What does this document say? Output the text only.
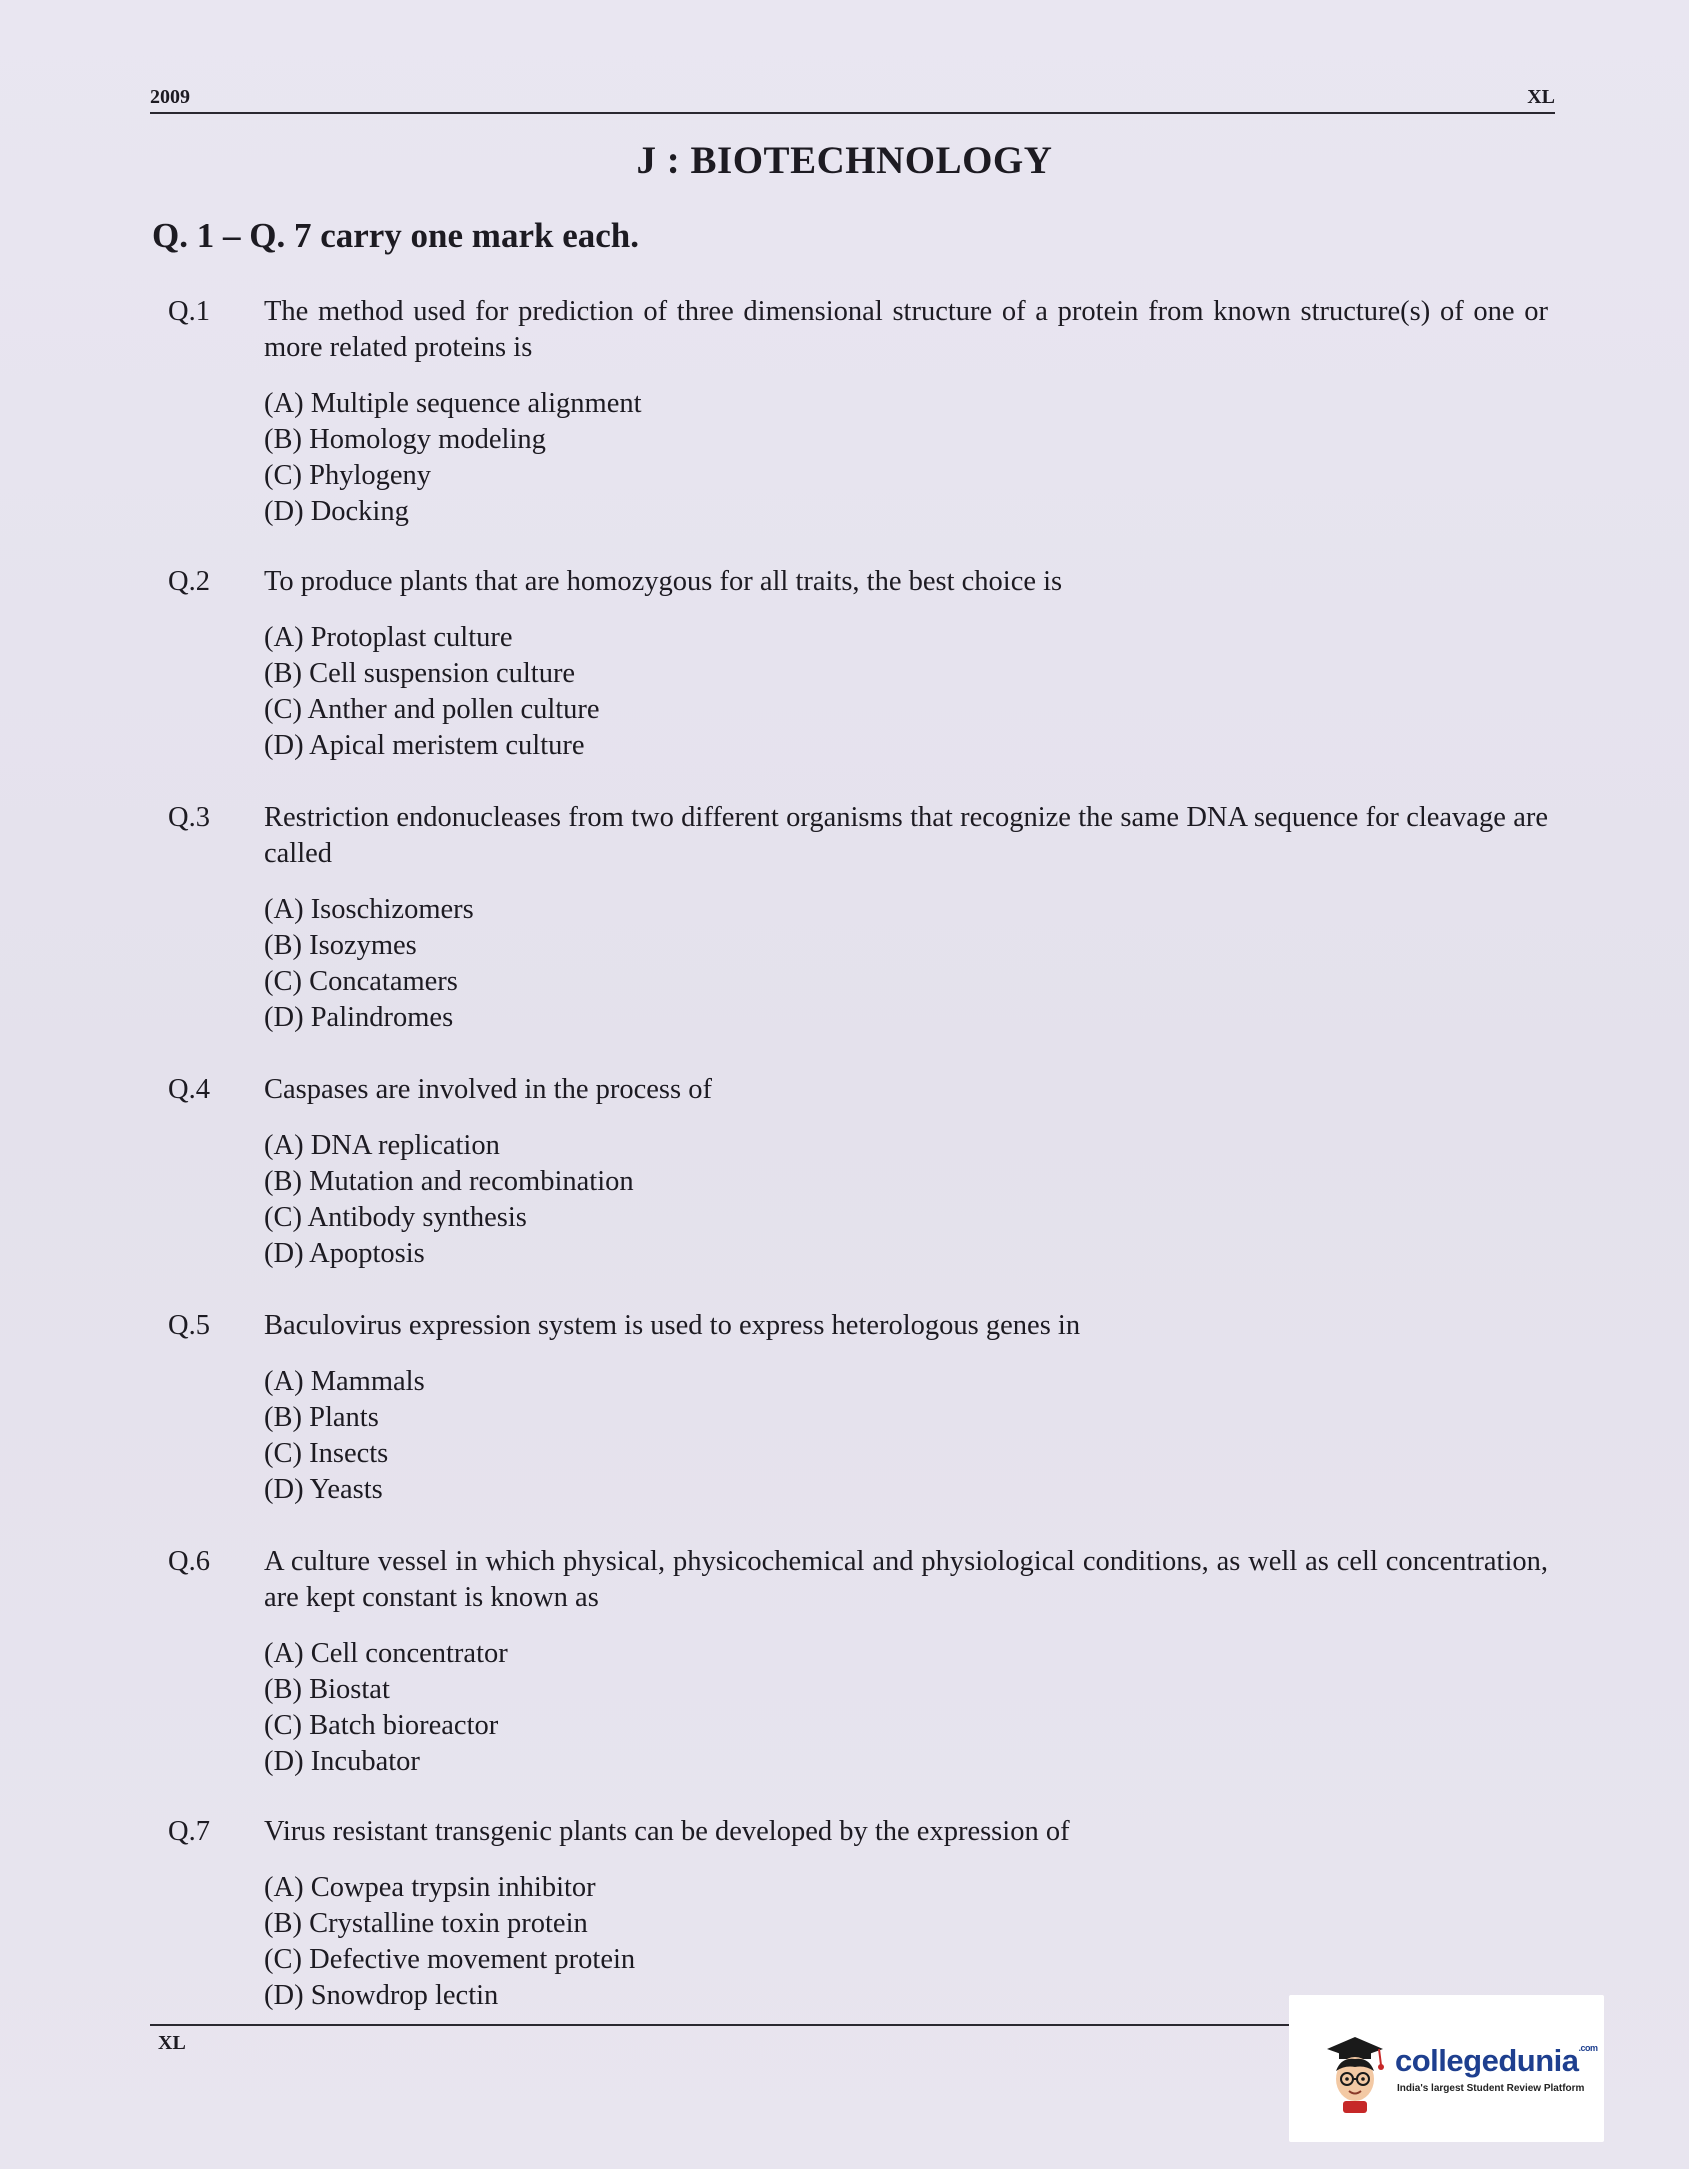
2009	XL
J : BIOTECHNOLOGY
Q. 1 – Q. 7 carry one mark each.
Q.1	The method used for prediction of three dimensional structure of a protein from known structure(s) of one or more related proteins is
(A) Multiple sequence alignment
(B) Homology modeling
(C) Phylogeny
(D) Docking
Q.2	To produce plants that are homozygous for all traits, the best choice is
(A) Protoplast culture
(B) Cell suspension culture
(C) Anther and pollen culture
(D) Apical meristem culture
Q.3	Restriction endonucleases from two different organisms that recognize the same DNA sequence for cleavage are called
(A) Isoschizomers
(B) Isozymes
(C) Concatamers
(D) Palindromes
Q.4	Caspases are involved in the process of
(A) DNA replication
(B) Mutation and recombination
(C) Antibody synthesis
(D) Apoptosis
Q.5	Baculovirus expression system is used to express heterologous genes in
(A) Mammals
(B) Plants
(C) Insects
(D) Yeasts
Q.6	A culture vessel in which physical, physicochemical and physiological conditions, as well as cell concentration, are kept constant is known as
(A) Cell concentrator
(B) Biostat
(C) Batch bioreactor
(D) Incubator
Q.7	Virus resistant transgenic plants can be developed by the expression of
(A) Cowpea trypsin inhibitor
(B) Crystalline toxin protein
(C) Defective movement protein
(D) Snowdrop lectin
XL	collegedunia$^{.com}$
India's largest Student Review Platform
